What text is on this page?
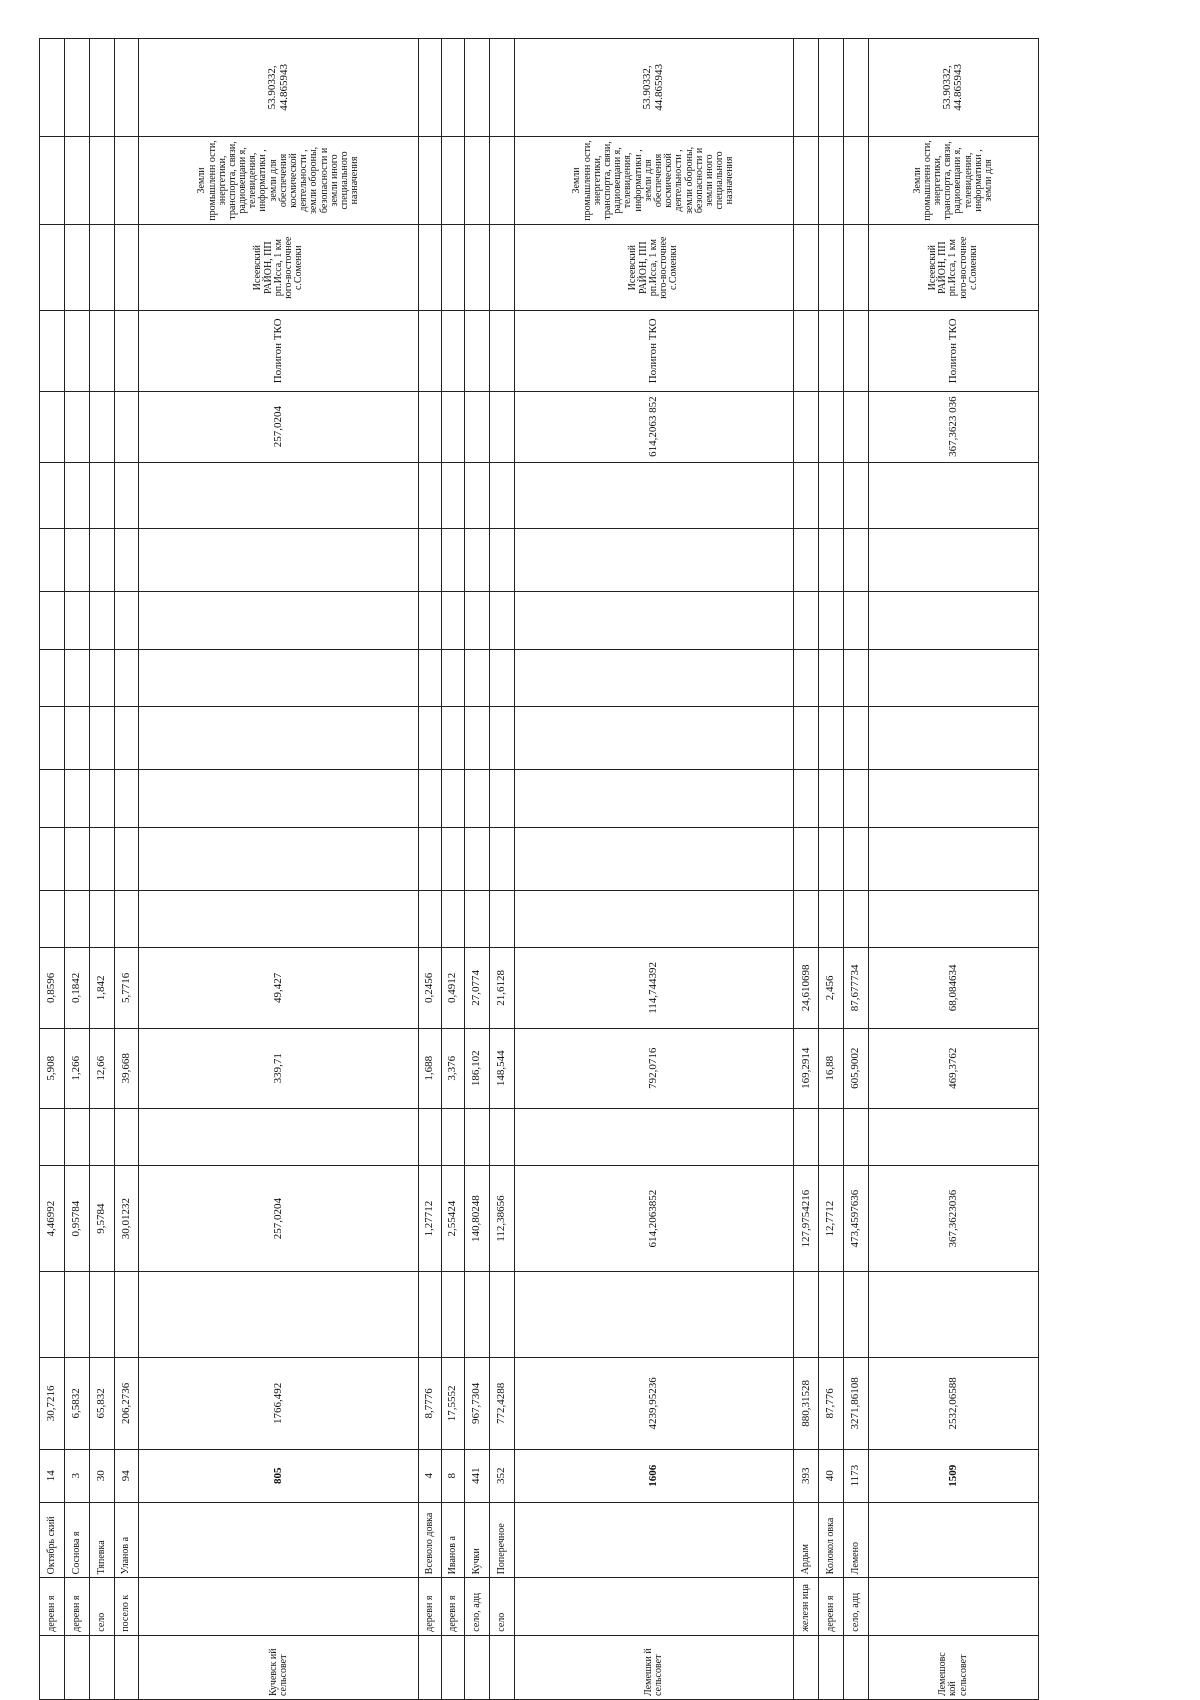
	деревн я	Октябрь ский	14	30,7216		4,46992		5,908	0,8596													
	деревн я	Соснова я	3	6,5832		0,95784		1,266	0,1842													
	село	Тяпевка	30	65,832		9,5784		12,66	1,842													
	посело к	Уланов а	94	206,2736		30,01232		39,668	5,7716													
Кучевск ий сельсовет			805	1766,492		257,0204		339,71	49,427									257,0204	Полигон ТКО	Исеевский РАЙОН, ПП рп.Исса, 1 км юго-восточнее с.Соменки	Земли промышленн ости, энергетики, транспорта, связи, радиовещани я, телевидения, информатики , земли для обеспечения космической деятельности , земли обороны, безопасности и земли иного специального назначения	53.90332, 44.865943
	деревн я	Всеволо довка	4	8,7776		1,27712		1,688	0,2456													
	деревн я	Иванов а	8	17,5552		2,55424		3,376	0,4912													
	село, адц	Кучки	441	967,7304		140,80248		186,102	27,0774													
	село	Поперечное	352	772,4288		112,38656		148,544	21,6128													
Лемешки й сельсовет			1606	4239,95236		614,2063852		792,0716	114,744392									614,2063 852	Полигон ТКО	Исеевский РАЙОН, ПП рп.Исса, 1 км юго-восточнее с.Соменки	Земли промышленн ости, энергетики, транспорта, связи, радиовещани я, телевидения, информатики , земли для обеспечения космической деятельности , земли обороны, безопасности и земли иного специального назначения	53.90332, 44.865943
	железн ица	Ардым	393	880,31528		127,9754216		169,2914	24,610698													
	деревн я	Колокол овка	40	87,776		12,7712		16,88	2,456													
	село, адц	Лемено	1173	3271,86108		473,4597636		605,9002	87,677734													
Лемешовс кой сельсовет			1509	2532,06588		367,3623036		469,3762	68,084634									367,3623 036	Полигон ТКО	Исеевский РАЙОН, ПП рп.Исса, 1 км юго-восточнее с.Соменки	Земли промышленн ости, энергетики, транспорта, связи, радиовещани я, телевидения, информатики , земли для	53.90332, 44.865943
